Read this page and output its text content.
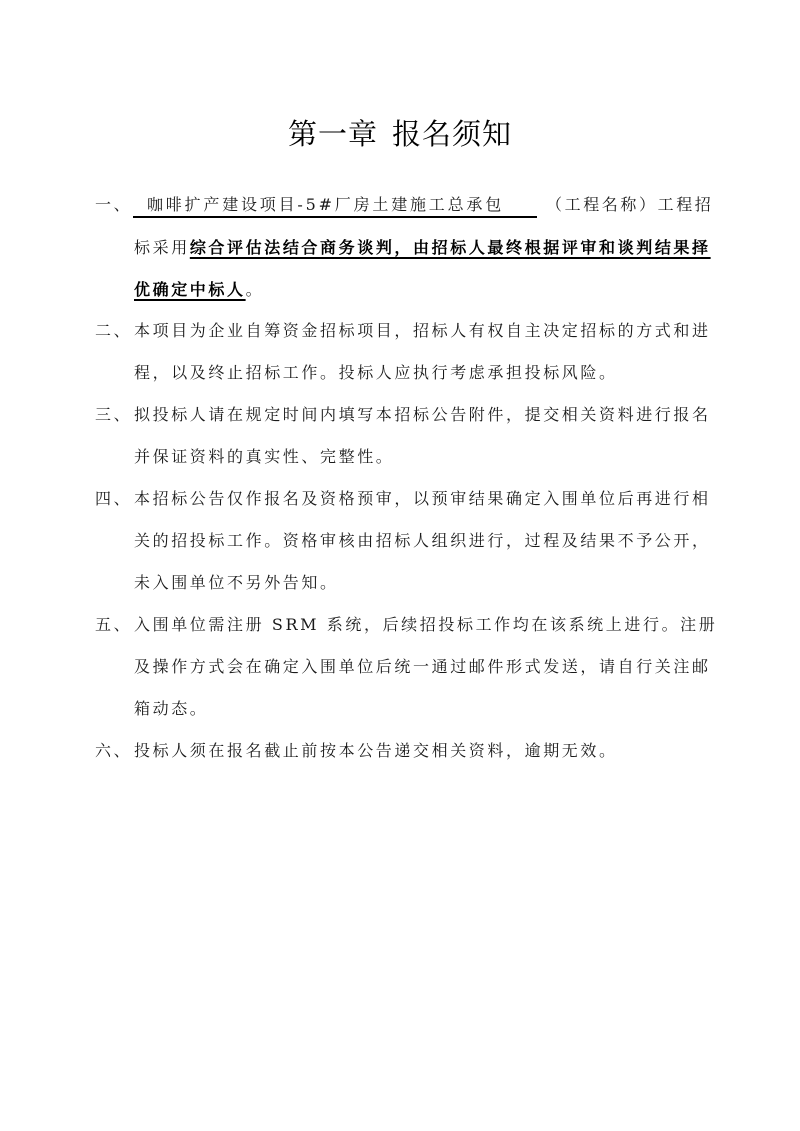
第一章 报名须知
一、 咖啡扩产建设项目-5#厂房土建施工总承包	（工程名称）工程招
标采用综合评估法结合商务谈判，由招标人最终根据评审和谈判结果择
优确定中标人。
二、 本项目为企业自筹资金招标项目，招标人有权自主决定招标的方式和进
程，以及终止招标工作。投标人应执行考虑承担投标风险。
三、 拟投标人请在规定时间内填写本招标公告附件，提交相关资料进行报名
并保证资料的真实性、完整性。
四、 本招标公告仅作报名及资格预审，以预审结果确定入围单位后再进行相
关的招投标工作。资格审核由招标人组织进行，过程及结果不予公开，
未入围单位不另外告知。
五、 入围单位需注册 SRM 系统，后续招投标工作均在该系统上进行。注册
及操作方式会在确定入围单位后统一通过邮件形式发送，请自行关注邮
箱动态。
六、 投标人须在报名截止前按本公告递交相关资料，逾期无效。
